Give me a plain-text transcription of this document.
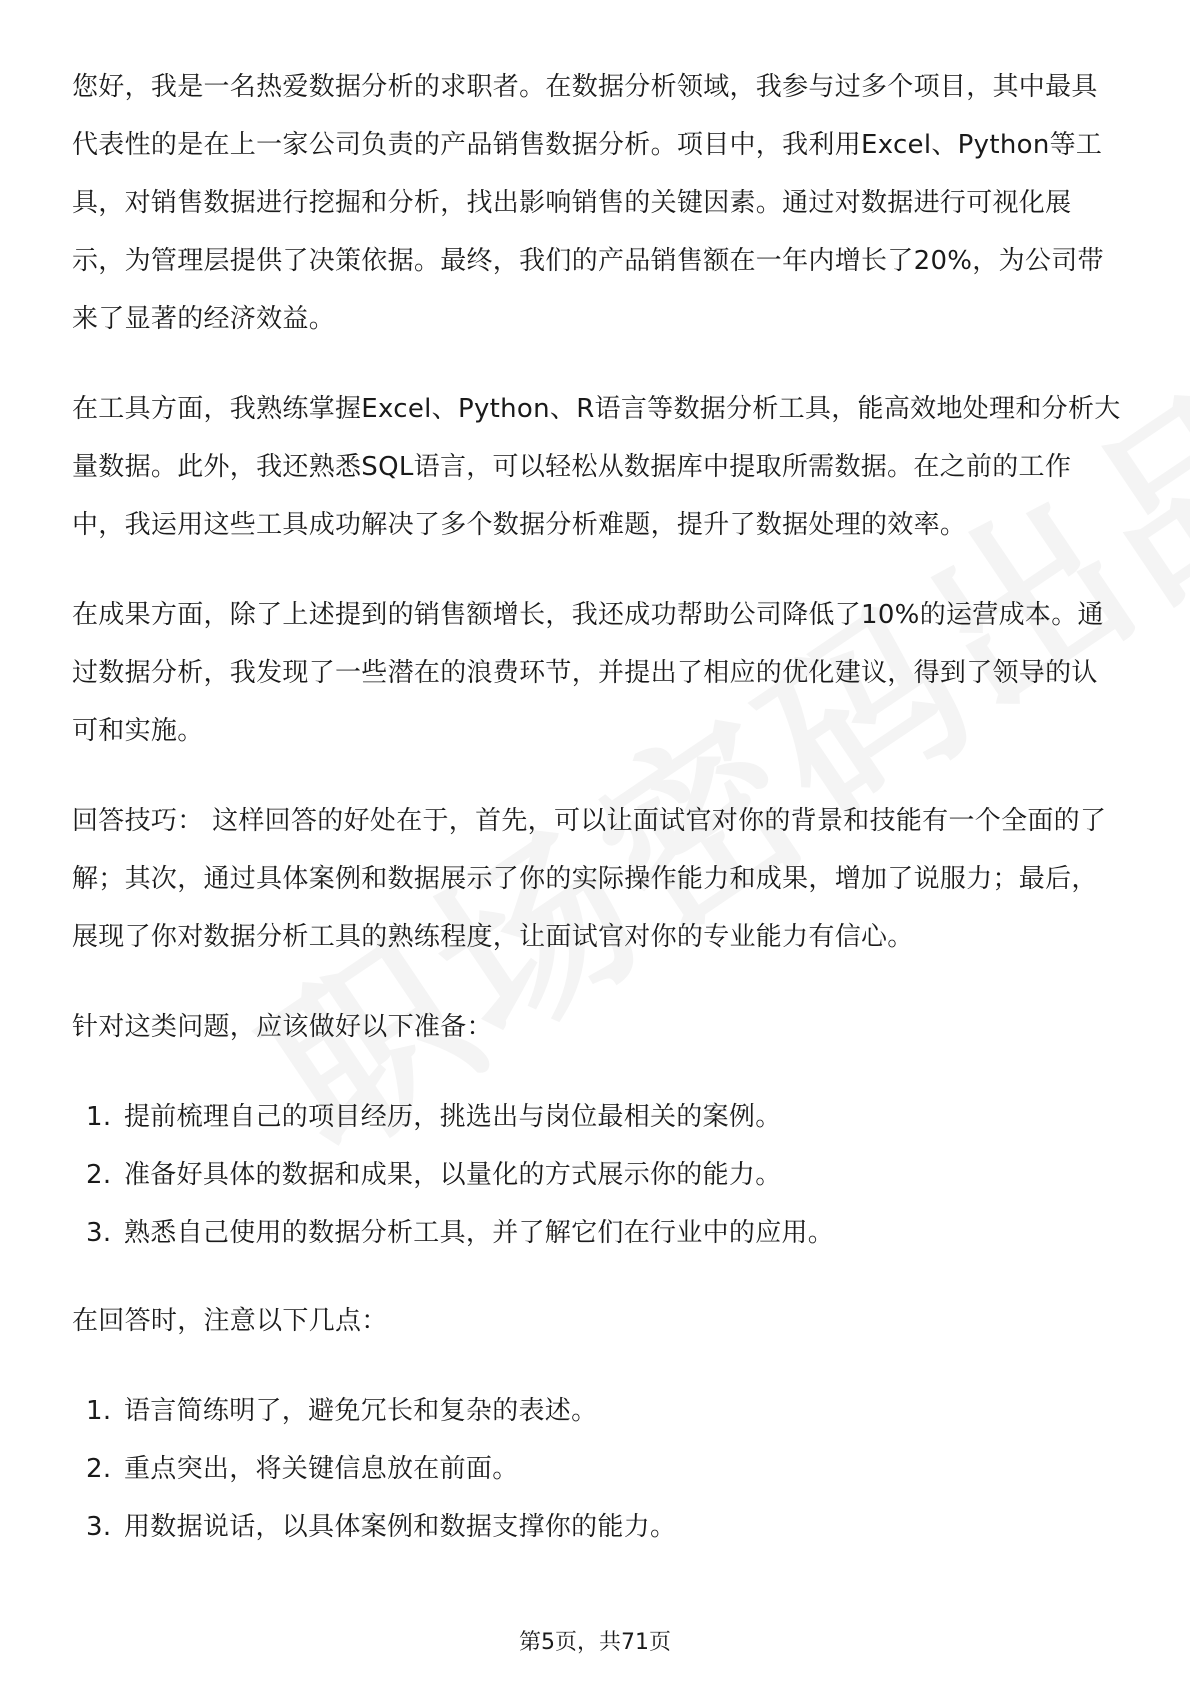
您好，我是一名热爱数据分析的求职者。在数据分析领域，我参与过多个项目，其中最具代表性的是在上一家公司负责的产品销售数据分析。项目中，我利用Excel、Python等工具，对销售数据进行挖掘和分析，找出影响销售的关键因素。通过对数据进行可视化展示，为管理层提供了决策依据。最终，我们的产品销售额在一年内增长了20%，为公司带来了显著的经济效益。

在工具方面，我熟练掌握Excel、Python、R语言等数据分析工具，能高效地处理和分析大量数据。此外，我还熟悉SQL语言，可以轻松从数据库中提取所需数据。在之前的工作中，我运用这些工具成功解决了多个数据分析难题，提升了数据处理的效率。

在成果方面，除了上述提到的销售额增长，我还成功帮助公司降低了10%的运营成本。通过数据分析，我发现了一些潜在的浪费环节，并提出了相应的优化建议，得到了领导的认可和实施。

回答技巧： 这样回答的好处在于，首先，可以让面试官对你的背景和技能有一个全面的了解；其次，通过具体案例和数据展示了你的实际操作能力和成果，增加了说服力；最后，展现了你对数据分析工具的熟练程度，让面试官对你的专业能力有信心。

针对这类问题，应该做好以下准备：

1. 提前梳理自己的项目经历，挑选出与岗位最相关的案例。
2. 准备好具体的数据和成果，以量化的方式展示你的能力。
3. 熟悉自己使用的数据分析工具，并了解它们在行业中的应用。

在回答时，注意以下几点：

1. 语言简练明了，避免冗长和复杂的表述。
2. 重点突出，将关键信息放在前面。
3. 用数据说话，以具体案例和数据支撑你的能力。
第5页，共71页
